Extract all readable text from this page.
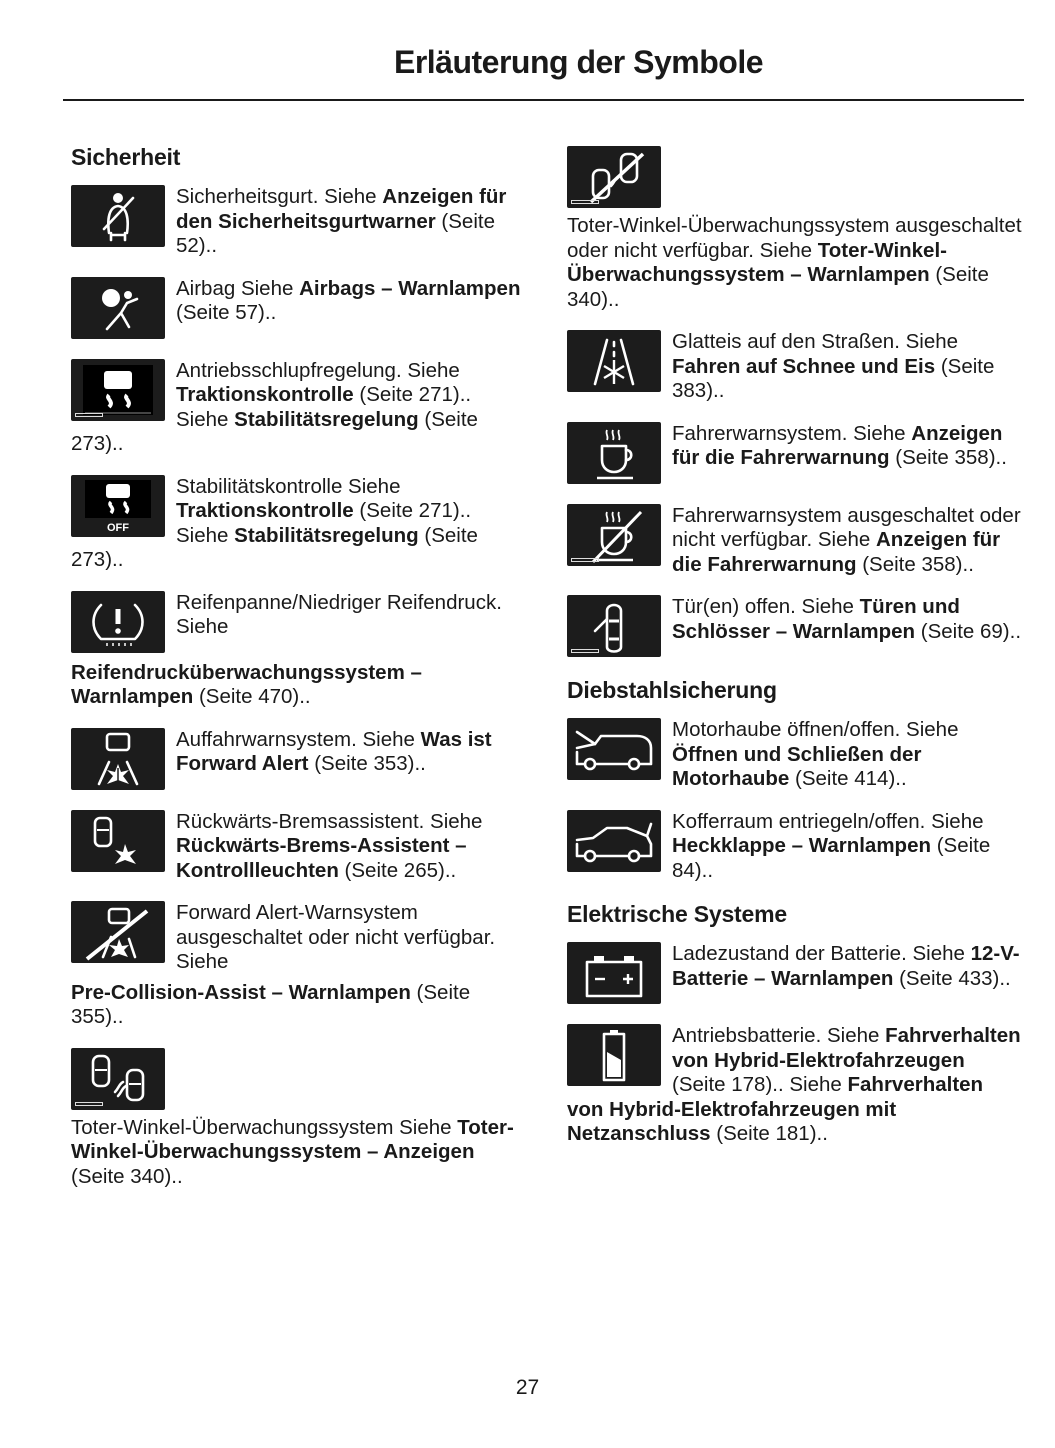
Erläuterung der Symbole
Sicherheit
Sicherheitsgurt. Siehe Anzeigen für den Sicherheitsgurtwarner (Seite 52)..
Airbag Siehe Airbags – Warnlampen (Seite 57)..
Antriebsschlupfregelung. Siehe Traktionskontrolle (Seite 271).. Siehe Stabilitätsregelung (Seite 273)..
OFF
Stabilitätskontrolle Siehe Traktionskontrolle (Seite 271).. Siehe Stabilitätsregelung (Seite 273)..
Reifenpanne/Niedriger Reifendruck. Siehe
Reifendrucküberwachungssystem – Warnlampen (Seite 470)..
Auffahrwarnsystem. Siehe Was ist Forward Alert (Seite 353)..
Rückwärts-Bremsassistent. Siehe Rückwärts-Brems-Assistent – Kontrollleuchten (Seite 265)..
Forward Alert-Warnsystem ausgeschaltet oder nicht verfügbar. Siehe
Pre-Collision-Assist – Warnlampen (Seite 355)..
Toter-Winkel-Überwachungssystem Siehe Toter-Winkel-Überwachungssystem – Anzeigen (Seite 340)..
Toter-Winkel-Überwachungssystem ausgeschaltet oder nicht verfügbar. Siehe Toter-Winkel-Überwachungssystem – Warnlampen (Seite 340)..
Glatteis auf den Straßen. Siehe Fahren auf Schnee und Eis (Seite 383)..
Fahrerwarnsystem. Siehe Anzeigen für die Fahrerwarnung (Seite 358)..
Fahrerwarnsystem ausgeschaltet oder nicht verfügbar. Siehe Anzeigen für die Fahrerwarnung (Seite 358)..
Tür(en) offen. Siehe Türen und Schlösser – Warnlampen (Seite 69)..
Diebstahlsicherung
Motorhaube öffnen/offen. Siehe Öffnen und Schließen der Motorhaube (Seite 414)..
Kofferraum entriegeln/offen. Siehe Heckklappe – Warnlampen (Seite 84)..
Elektrische Systeme
Ladezustand der Batterie. Siehe 12-V-Batterie – Warnlampen (Seite 433)..
Antriebsbatterie. Siehe Fahrverhalten von Hybrid-Elektrofahrzeugen (Seite 178).. Siehe Fahrverhalten von Hybrid-Elektrofahrzeugen mit Netzanschluss (Seite 181)..
27
